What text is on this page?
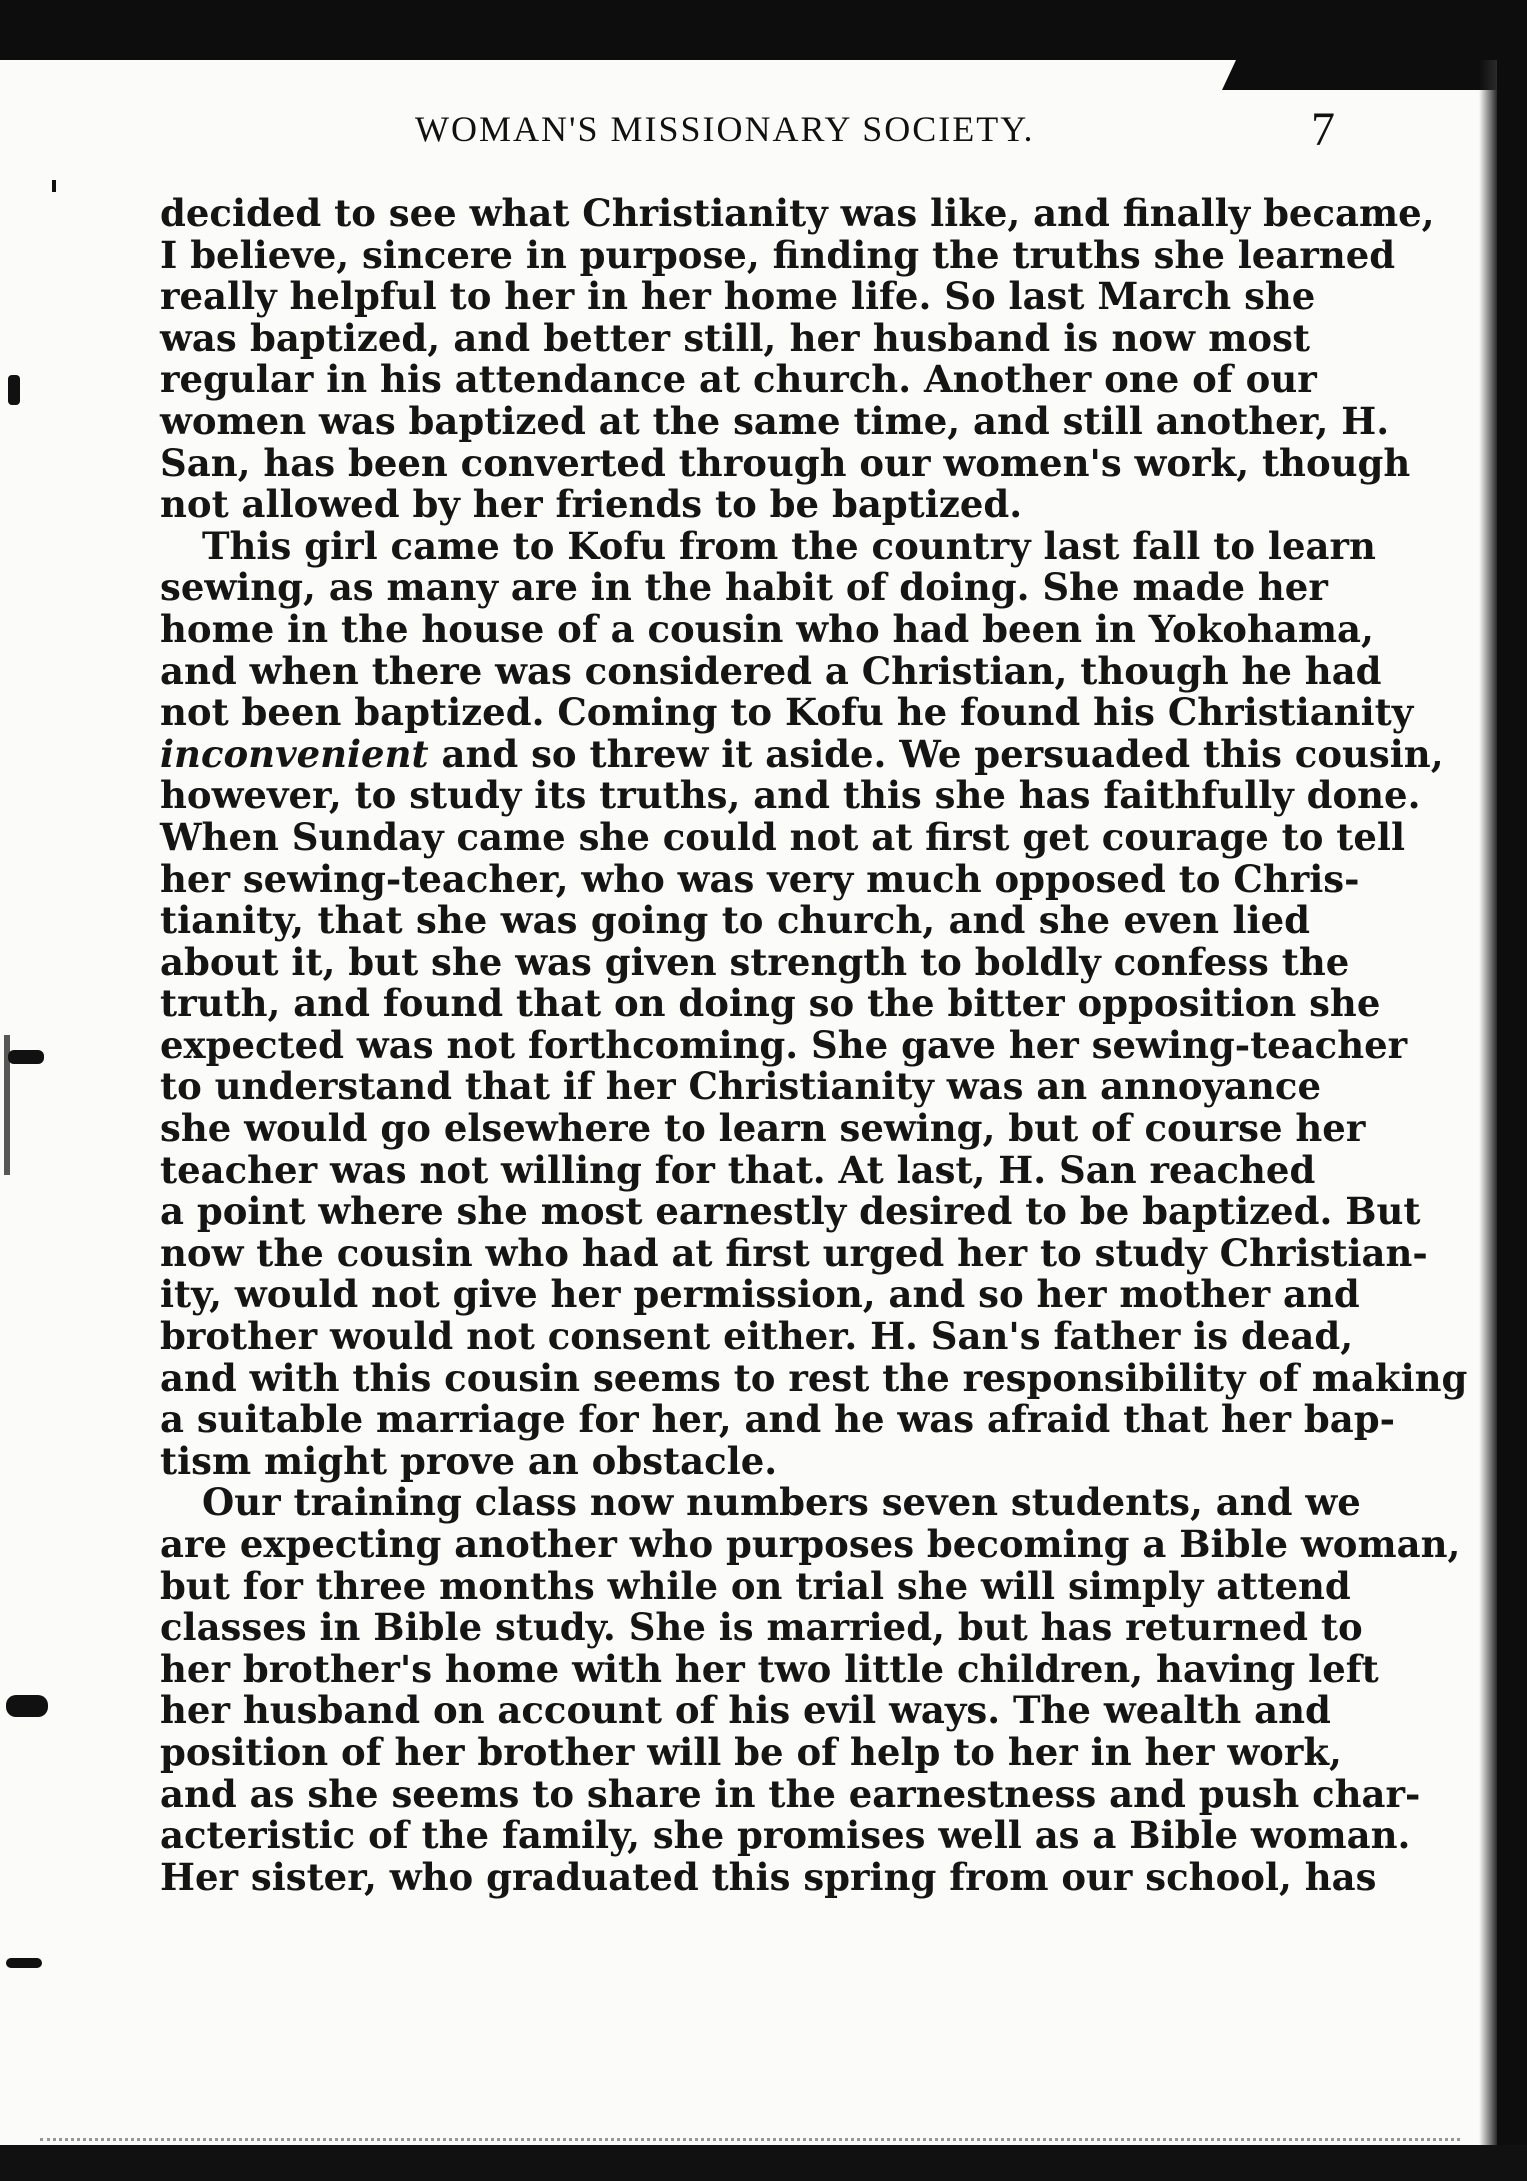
WOMAN'S MISSIONARY SOCIETY.	7
decided to see what Christianity was like, and finally became,
I believe, sincere in purpose, finding the truths she learned
really helpful to her in her home life. So last March she
was baptized, and better still, her husband is now most
regular in his attendance at church. Another one of our
women was baptized at the same time, and still another, H.
San, has been converted through our women's work, though
not allowed by her friends to be baptized.
This girl came to Kofu from the country last fall to learn
sewing, as many are in the habit of doing. She made her
home in the house of a cousin who had been in Yokohama,
and when there was considered a Christian, though he had
not been baptized. Coming to Kofu he found his Christianity
inconvenient and so threw it aside. We persuaded this cousin,
however, to study its truths, and this she has faithfully done.
When Sunday came she could not at first get courage to tell
her sewing-teacher, who was very much opposed to Chris-
tianity, that she was going to church, and she even lied
about it, but she was given strength to boldly confess the
truth, and found that on doing so the bitter opposition she
expected was not forthcoming. She gave her sewing-teacher
to understand that if her Christianity was an annoyance
she would go elsewhere to learn sewing, but of course her
teacher was not willing for that. At last, H. San reached
a point where she most earnestly desired to be baptized. But
now the cousin who had at first urged her to study Christian-
ity, would not give her permission, and so her mother and
brother would not consent either. H. San's father is dead,
and with this cousin seems to rest the responsibility of making
a suitable marriage for her, and he was afraid that her bap-
tism might prove an obstacle.
Our training class now numbers seven students, and we
are expecting another who purposes becoming a Bible woman,
but for three months while on trial she will simply attend
classes in Bible study. She is married, but has returned to
her brother's home with her two little children, having left
her husband on account of his evil ways. The wealth and
position of her brother will be of help to her in her work,
and as she seems to share in the earnestness and push char-
acteristic of the family, she promises well as a Bible woman.
Her sister, who graduated this spring from our school, has
